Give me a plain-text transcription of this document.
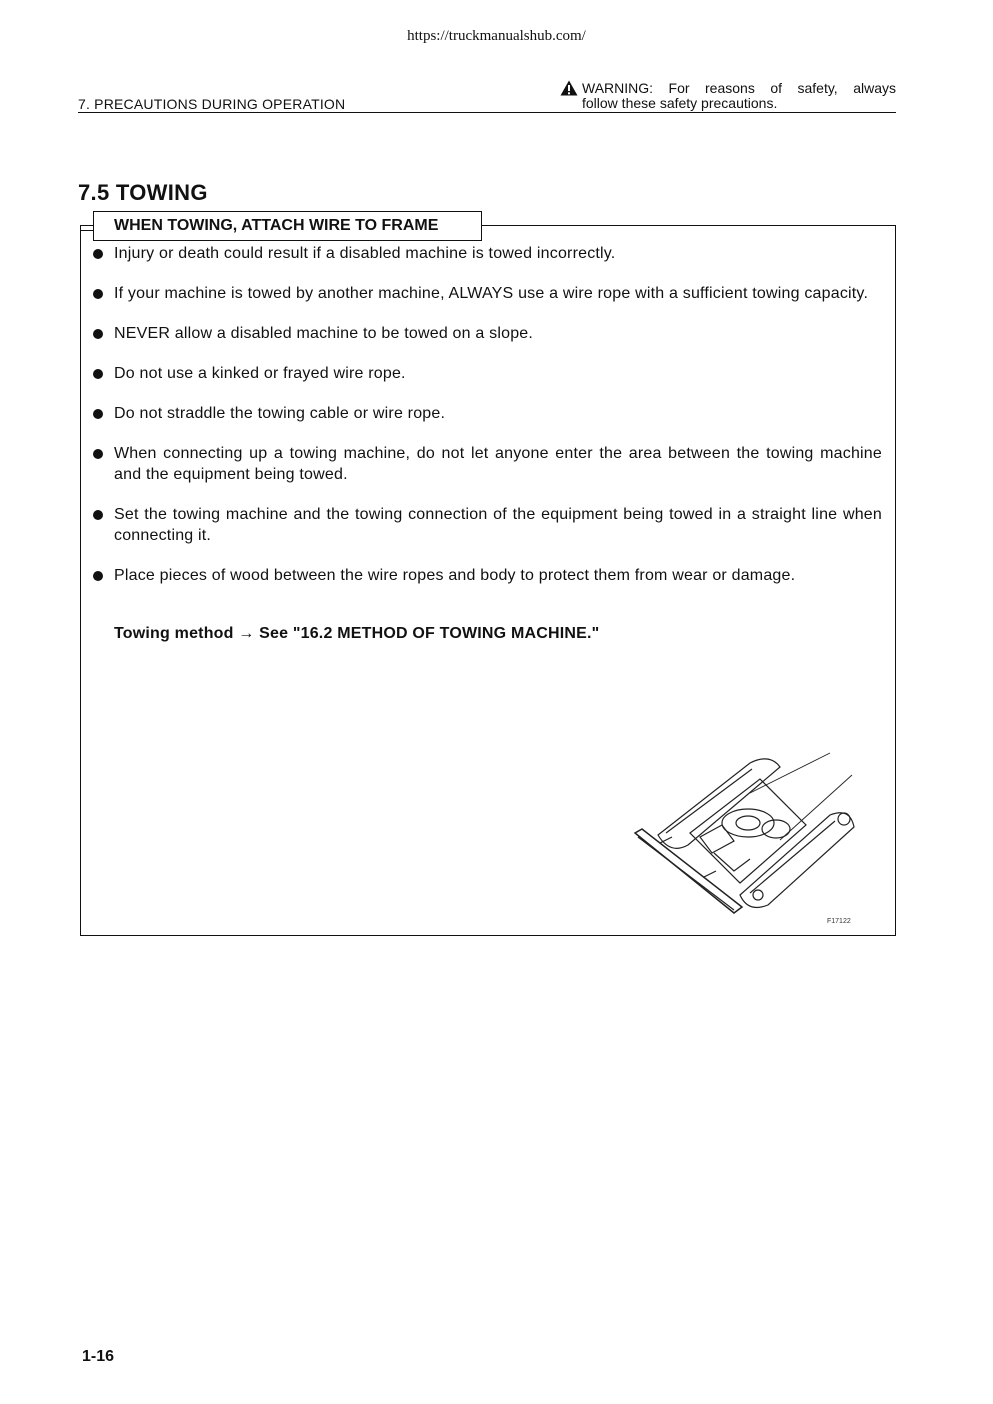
https://truckmanualshub.com/
7. PRECAUTIONS DURING OPERATION
WARNING: For reasons of safety, always
follow these safety precautions.
7.5 TOWING
WHEN TOWING, ATTACH WIRE TO FRAME
Injury or death could result if a disabled machine is towed incorrectly.
If your machine is towed by another machine, ALWAYS use a wire rope with a sufficient towing capacity.
NEVER allow a disabled machine to be towed on a slope.
Do not use a kinked or frayed wire rope.
Do not straddle the towing cable or wire rope.
When connecting up a towing machine, do not let anyone enter the area between the towing machine and the equipment being towed.
Set the towing machine and the towing connection of the equipment being towed in a straight line when connecting it.
Place pieces of wood between the wire ropes and body to protect them from wear or damage.
Towing method → See "16.2 METHOD OF TOWING MACHINE."
F17122
1-16
